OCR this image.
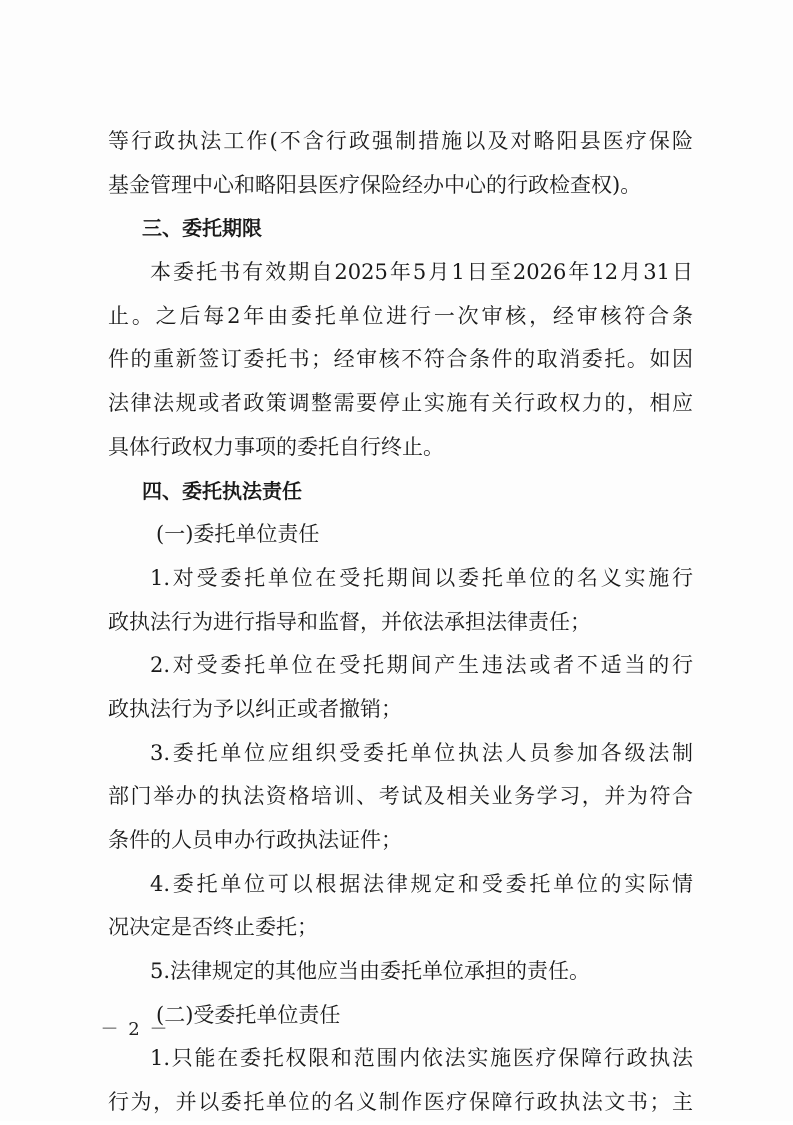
等行政执法工作(不含行政强制措施以及对略阳县医疗保险
基金管理中心和略阳县医疗保险经办中心的行政检查权)。
三、委托期限
本委托书有效期自2025年5月1日至2026年12月31日
止。之后每2年由委托单位进行一次审核，经审核符合条
件的重新签订委托书；经审核不符合条件的取消委托。如因
法律法规或者政策调整需要停止实施有关行政权力的，相应
具体行政权力事项的委托自行终止。
四、委托执法责任
(一)委托单位责任
1.对受委托单位在受托期间以委托单位的名义实施行
政执法行为进行指导和监督，并依法承担法律责任；
2.对受委托单位在受托期间产生违法或者不适当的行
政执法行为予以纠正或者撤销；
3.委托单位应组织受委托单位执法人员参加各级法制
部门举办的执法资格培训、考试及相关业务学习，并为符合
条件的人员申办行政执法证件；
4.委托单位可以根据法律规定和受委托单位的实际情
况决定是否终止委托；
5.法律规定的其他应当由委托单位承担的责任。
(二)受委托单位责任
1.只能在委托权限和范围内依法实施医疗保障行政执法
行为，并以委托单位的名义制作医疗保障行政执法文书；主
－ 2 －
